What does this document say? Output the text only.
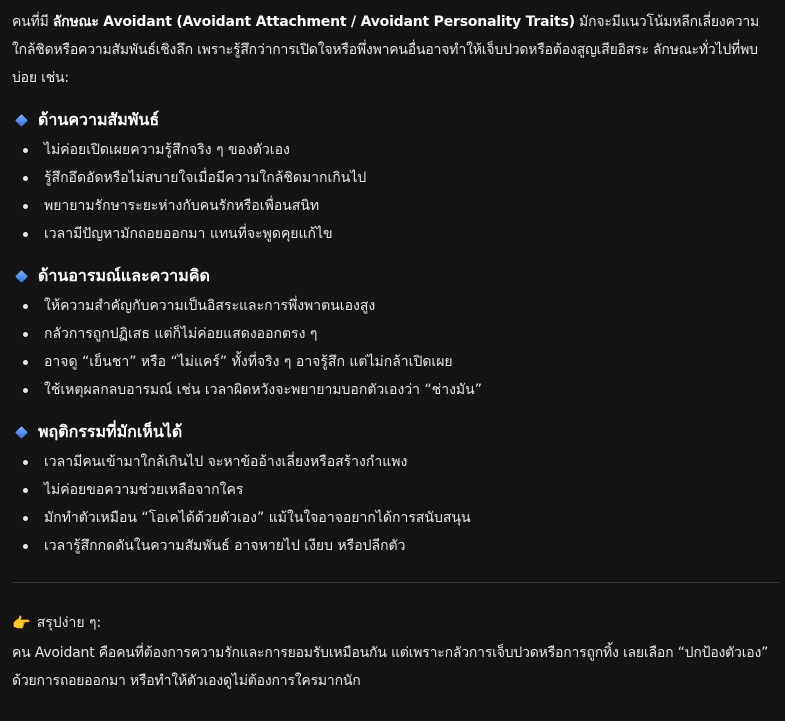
คนที่มี ลักษณะ Avoidant (Avoidant Attachment / Avoidant Personality Traits) มักจะมีแนวโน้มหลีกเลี่ยงความใกล้ชิดหรือความสัมพันธ์เชิงลึก เพราะรู้สึกว่าการเปิดใจหรือพึ่งพาคนอื่นอาจทำให้เจ็บปวดหรือต้องสูญเสียอิสระ ลักษณะทั่วไปที่พบบ่อย เช่น:

ด้านความสัมพันธ์
ไม่ค่อยเปิดเผยความรู้สึกจริง ๆ ของตัวเอง
รู้สึกอึดอัดหรือไม่สบายใจเมื่อมีความใกล้ชิดมากเกินไป
พยายามรักษาระยะห่างกับคนรักหรือเพื่อนสนิท
เวลามีปัญหามักถอยออกมา แทนที่จะพูดคุยแก้ไข
ด้านอารมณ์และความคิด
ให้ความสำคัญกับความเป็นอิสระและการพึ่งพาตนเองสูง
กลัวการถูกปฏิเสธ แต่ก็ไม่ค่อยแสดงออกตรง ๆ
อาจดู “เย็นชา” หรือ “ไม่แคร์” ทั้งที่จริง ๆ อาจรู้สึก แต่ไม่กล้าเปิดเผย
ใช้เหตุผลกลบอารมณ์ เช่น เวลาผิดหวังจะพยายามบอกตัวเองว่า “ช่างมัน”
พฤติกรรมที่มักเห็นได้
เวลามีคนเข้ามาใกล้เกินไป จะหาข้ออ้างเลี่ยงหรือสร้างกำแพง
ไม่ค่อยขอความช่วยเหลือจากใคร
มักทำตัวเหมือน “โอเคได้ด้วยตัวเอง” แม้ในใจอาจอยากได้การสนับสนุน
เวลารู้สึกกดดันในความสัมพันธ์ อาจหายไป เงียบ หรือปลีกตัว
👉 สรุปง่าย ๆ:

คน Avoidant คือคนที่ต้องการความรักและการยอมรับเหมือนกัน แต่เพราะกลัวการเจ็บปวดหรือการถูกทิ้ง เลยเลือก “ปกป้องตัวเอง” ด้วยการถอยออกมา หรือทำให้ตัวเองดูไม่ต้องการใครมากนัก
